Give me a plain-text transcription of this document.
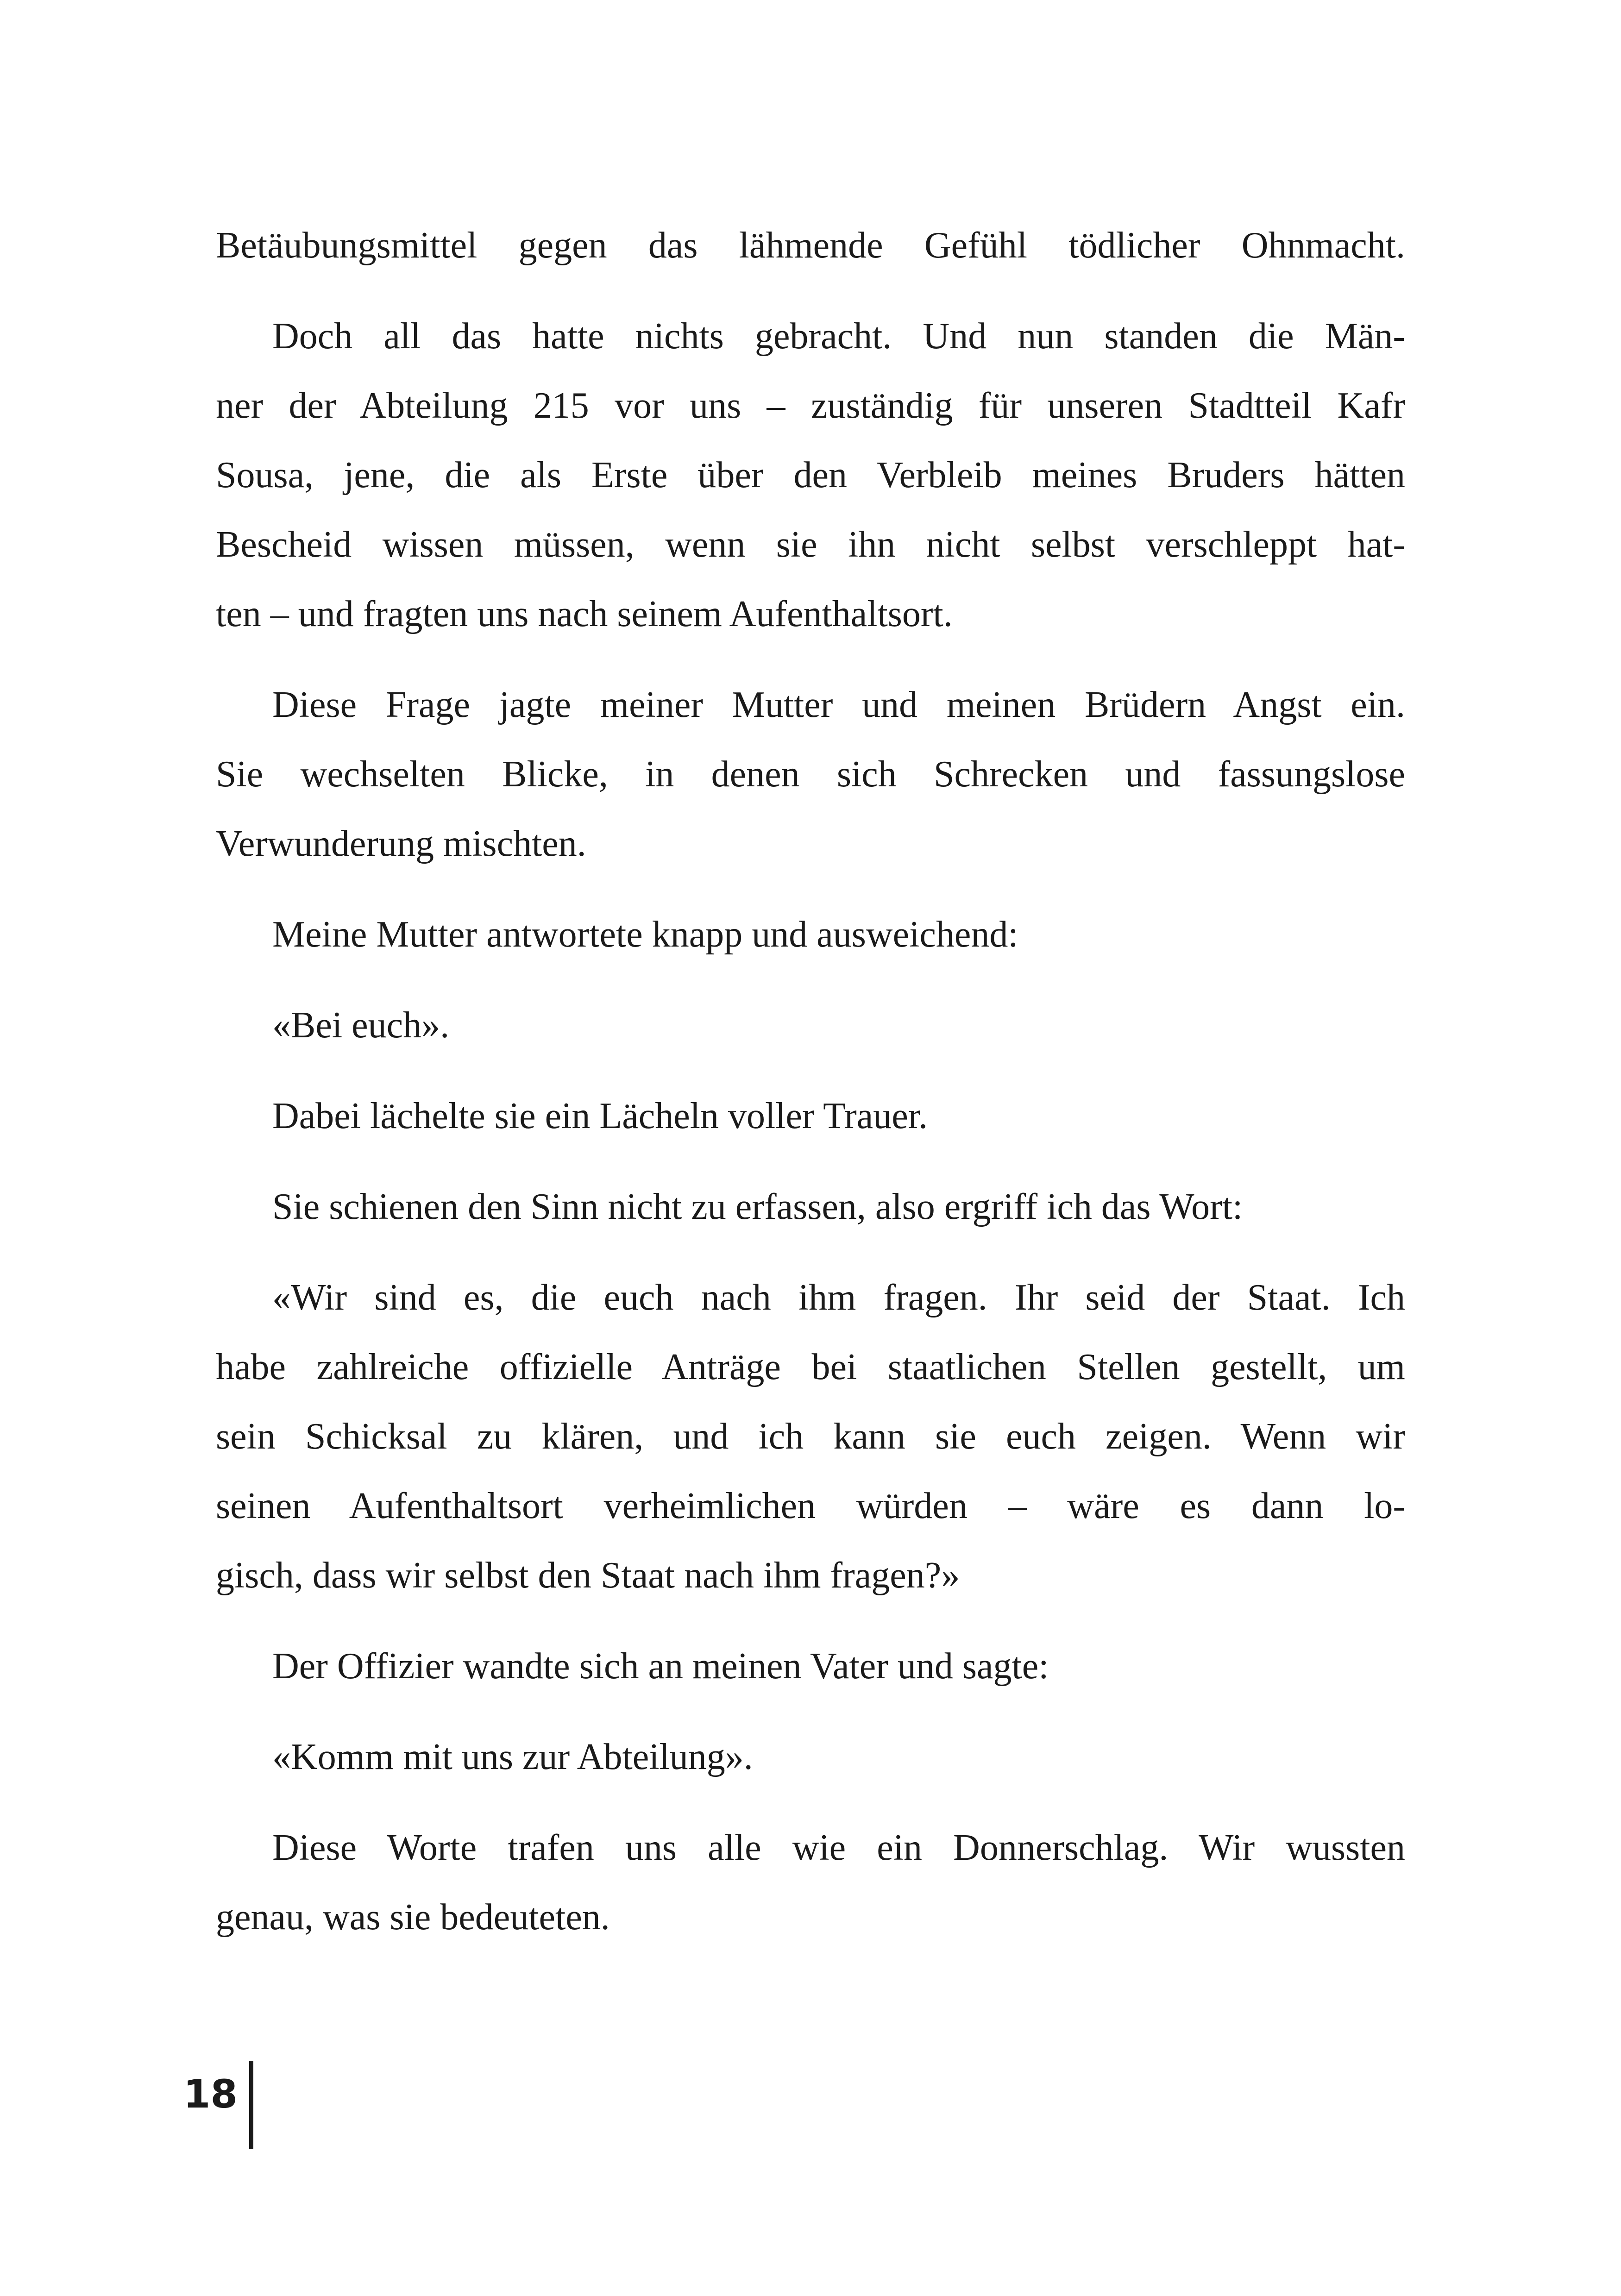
Betäubungsmittel gegen das lähmende Gefühl tödlicher Ohnmacht.
Doch all das hatte nichts gebracht. Und nun standen die Män-
ner der Abteilung 215 vor uns – zuständig für unseren Stadtteil Kafr
Sousa, jene, die als Erste über den Verbleib meines Bruders hätten
Bescheid wissen müssen, wenn sie ihn nicht selbst verschleppt hat-
ten – und fragten uns nach seinem Aufenthaltsort.
Diese Frage jagte meiner Mutter und meinen Brüdern Angst ein.
Sie wechselten Blicke, in denen sich Schrecken und fassungslose
Verwunderung mischten.
Meine Mutter antwortete knapp und ausweichend:
«Bei euch».
Dabei lächelte sie ein Lächeln voller Trauer.
Sie schienen den Sinn nicht zu erfassen, also ergriff ich das Wort:
«Wir sind es, die euch nach ihm fragen. Ihr seid der Staat. Ich
habe zahlreiche offizielle Anträge bei staatlichen Stellen gestellt, um
sein Schicksal zu klären, und ich kann sie euch zeigen. Wenn wir
seinen Aufenthaltsort verheimlichen würden – wäre es dann lo-
gisch, dass wir selbst den Staat nach ihm fragen?»
Der Offizier wandte sich an meinen Vater und sagte:
«Komm mit uns zur Abteilung».
Diese Worte trafen uns alle wie ein Donnerschlag. Wir wussten
genau, was sie bedeuteten.
18
